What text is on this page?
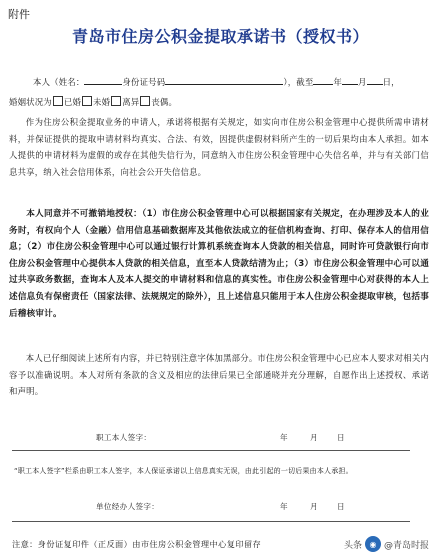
附件
青岛市住房公积金提取承诺书（授权书）
本人（姓名：	身份证号码	），截至 年 月 日，
婚姻状况为 已婚 未婚 离异 丧偶。
作为住房公积金提取业务的申请人，承诺将根据有关规定，如实向市住房公积金管理中心提供所需申请材料，并保证提供的提取申请材料均真实、合法、有效，因提供虚假材料所产生的一切后果均由本人承担。如本人提供的申请材料为虚假的或存在其他失信行为，同意纳入市住房公积金管理中心失信名单，并与有关部门信息共享，纳入社会信用体系，向社会公开失信信息。
本人同意并不可撤销地授权：（1）市住房公积金管理中心可以根据国家有关规定，在办理涉及本人的业务时，有权向个人（金融）信用信息基础数据库及其他依法成立的征信机构查询、打印、保存本人的信用信息；（2）市住房公积金管理中心可以通过银行计算机系统查询本人贷款的相关信息，同时许可贷款银行向市住房公积金管理中心提供本人贷款的相关信息，直至本人贷款结清为止；（3）市住房公积金管理中心可以通过共享政务数据，查询本人及本人提交的申请材料和信息的真实性。市住房公积金管理中心对获得的本人上述信息负有保密责任（国家法律、法规规定的除外），且上述信息只能用于本人住房公积金提取审核，包括事后稽核审计。
本人已仔细阅读上述所有内容，并已特别注意字体加黑部分。市住房公积金管理中心已应本人要求对相关内容予以准确说明。本人对所有条款的含义及相应的法律后果已全部通晓并充分理解，自愿作出上述授权、承诺和声明。
职工本人签字：	年	月	日
“职工本人签字”栏系由职工本人签字，本人保证承诺以上信息真实无误，由此引起的一切后果由本人承担。
单位经办人签字：	年	月	日
注意：身份证复印件（正反面）由市住房公积金管理中心复印留存	头条 ◉ @青岛时报
